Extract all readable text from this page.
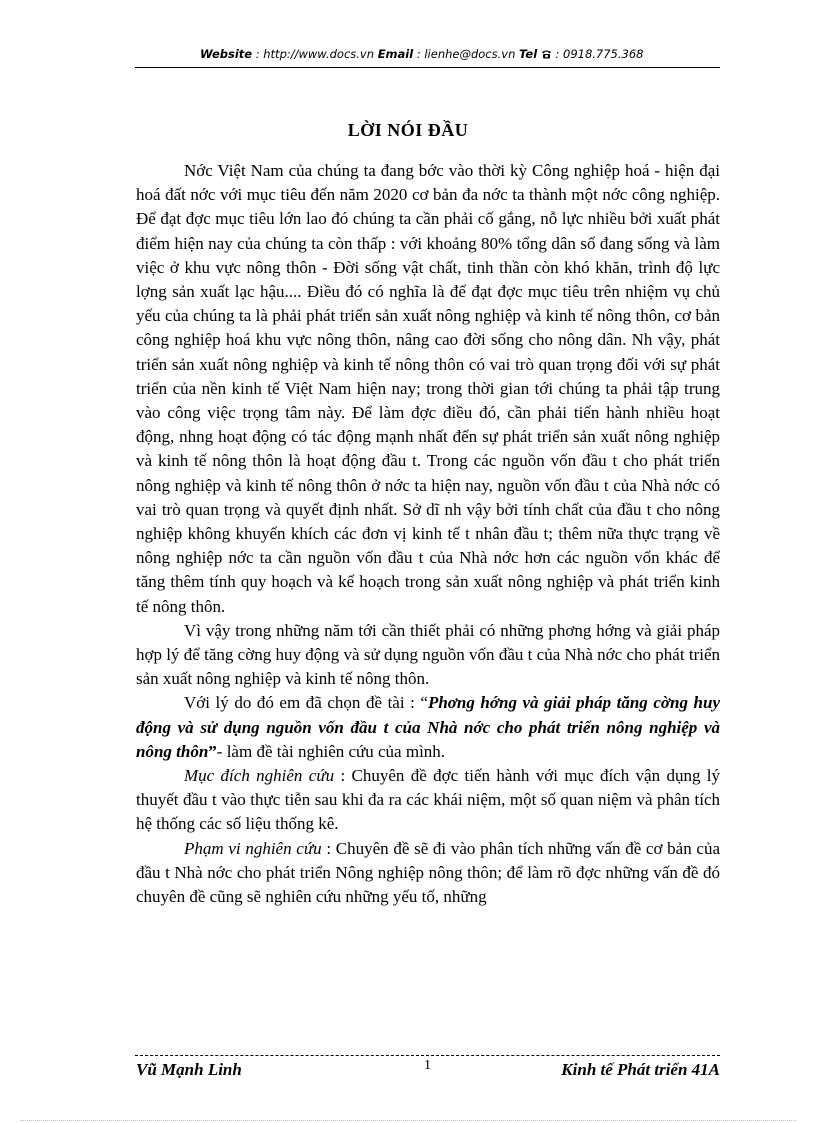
Website : http://www.docs.vn Email : lienhe@docs.vn Tel : 0918.775.368
LỜI NÓI ĐẦU

Nớc Việt Nam của chúng ta đang bớc vào thời kỳ Công nghiệp hoá - hiện đại hoá đất nớc với mục tiêu đến năm 2020 cơ bản đa nớc ta thành một nớc công nghiệp. Để đạt đợc mục tiêu lớn lao đó chúng ta cần phải cố gắng, nỗ lực nhiều bởi xuất phát điểm hiện nay của chúng ta còn thấp : với khoảng 80% tổng dân số đang sống và làm việc ở khu vực nông thôn - Đời sống vật chất, tinh thần còn khó khăn, trình độ lực lợng sản xuất lạc hậu.... Điều đó có nghĩa là để đạt đợc mục tiêu trên nhiệm vụ chủ yếu của chúng ta là phải phát triển sản xuất nông nghiệp và kinh tế nông thôn, cơ bản công nghiệp hoá khu vực nông thôn, nâng cao đời sống cho nông dân. Nh vậy, phát triển sản xuất nông nghiệp và kinh tế nông thôn có vai trò quan trọng đối với sự phát triển của nền kinh tế Việt Nam hiện nay; trong thời gian tới chúng ta phải tập trung vào công việc trọng tâm này. Để làm đợc điều đó, cần phải tiến hành nhiều hoạt động, nhng hoạt động có tác động mạnh nhất đến sự phát triển sản xuất nông nghiệp và kinh tế nông thôn là hoạt động đầu t. Trong các nguồn vốn đầu t cho phát triển nông nghiệp và kinh tế nông thôn ở nớc ta hiện nay, nguồn vốn đầu t của Nhà nớc có vai trò quan trọng và quyết định nhất. Sở dĩ nh vậy bởi tính chất của đầu t cho nông nghiệp không khuyến khích các đơn vị kinh tế t nhân đầu t; thêm nữa thực trạng về nông nghiệp nớc ta cần nguồn vốn đầu t của Nhà nớc hơn các nguồn vốn khác để tăng thêm tính quy hoạch và kế hoạch trong sản xuất nông nghiệp và phát triển kinh tế nông thôn.

Vì vậy trong những năm tới cần thiết phải có những phơng hớng và giải pháp hợp lý để tăng cờng huy động và sử dụng nguồn vốn đầu t của Nhà nớc cho phát triển sản xuất nông nghiệp và kinh tế nông thôn.

Với lý do đó em đã chọn đề tài : “Phơng hớng và giải pháp tăng cờng huy động và sử dụng nguồn vốn đầu t của Nhà nớc cho phát triển nông nghiệp và nông thôn”- làm đề tài nghiên cứu của mình.

Mục đích nghiên cứu : Chuyên đề đợc tiến hành với mục đích vận dụng lý thuyết đầu t vào thực tiễn sau khi đa ra các khái niệm, một số quan niệm và phân tích hệ thống các số liệu thống kê.

Phạm vi nghiên cứu : Chuyên đề sẽ đi vào phân tích những vấn đề cơ bản của đầu t Nhà nớc cho phát triển Nông nghiệp nông thôn; để làm rõ đợc những vấn đề đó chuyên đề cũng sẽ nghiên cứu những yếu tố, những

Vũ Mạnh Linh	1	Kinh tế Phát triển 41A
